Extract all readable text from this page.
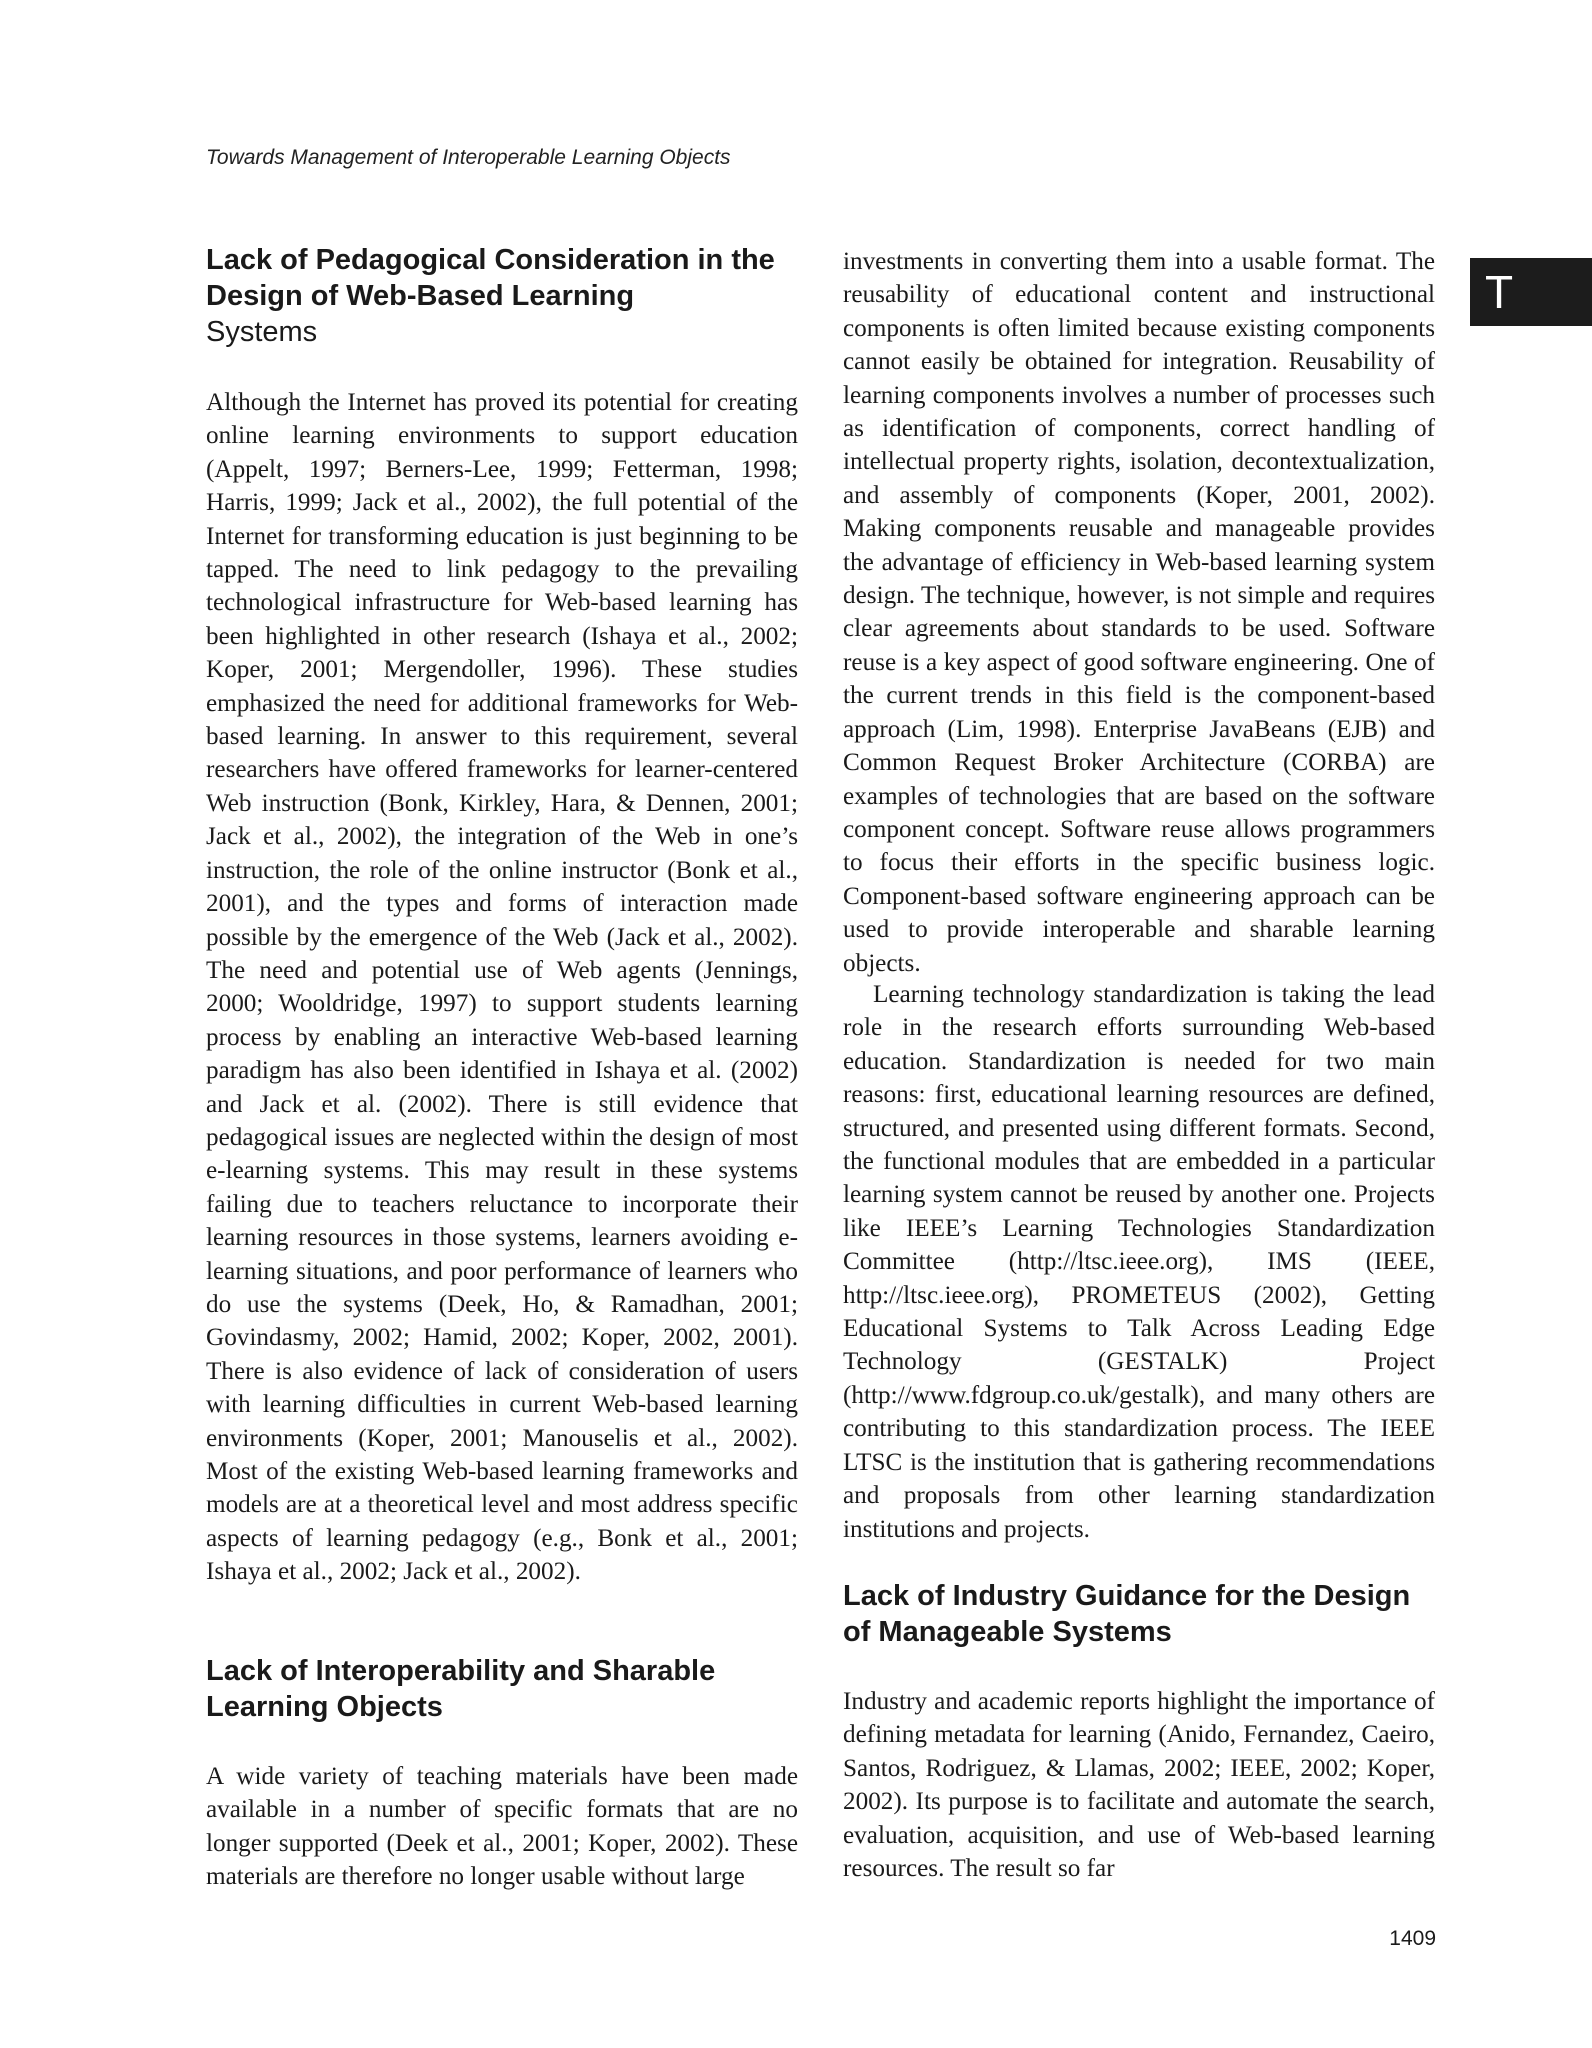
Towards Management of Interoperable Learning Objects
T
Lack of Pedagogical Consideration in the Design of Web-Based Learning
Systems

Although the Internet has proved its potential for creating online learning environments to support education (Appelt, 1997; Berners-Lee, 1999; Fetterman, 1998; Harris, 1999; Jack et al., 2002), the full potential of the Internet for transforming education is just beginning to be tapped. The need to link pedagogy to the prevailing technological infrastructure for Web-based learning has been highlighted in other research (Ishaya et al., 2002; Koper, 2001; Mergendoller, 1996). These studies emphasized the need for additional frameworks for Web-based learning. In answer to this requirement, several researchers have offered frameworks for learner-centered Web instruction (Bonk, Kirkley, Hara, & Dennen, 2001; Jack et al., 2002), the integration of the Web in one’s instruction, the role of the online instructor (Bonk et al., 2001), and the types and forms of interaction made possible by the emergence of the Web (Jack et al., 2002). The need and potential use of Web agents (Jennings, 2000; Wooldridge, 1997) to support students learning process by enabling an interactive Web-based learning paradigm has also been identified in Ishaya et al. (2002) and Jack et al. (2002). There is still evidence that pedagogical issues are neglected within the design of most e-learning systems. This may result in these systems failing due to teachers reluctance to incorporate their learning resources in those systems, learners avoiding e-learning situations, and poor performance of learners who do use the systems (Deek, Ho, & Ramadhan, 2001; Govindasmy, 2002; Hamid, 2002; Koper, 2002, 2001). There is also evidence of lack of consideration of users with learning difficulties in current Web-based learning environments (Koper, 2001; Manouselis et al., 2002). Most of the existing Web-based learning frameworks and models are at a theoretical level and most address specific aspects of learning pedagogy (e.g., Bonk et al., 2001; Ishaya et al., 2002; Jack et al., 2002).

Lack of Interoperability and Sharable Learning Objects

A wide variety of teaching materials have been made available in a number of specific formats that are no longer supported (Deek et al., 2001; Koper, 2002). These materials are therefore no longer usable without large

investments in converting them into a usable format. The reusability of educational content and instructional components is often limited because existing components cannot easily be obtained for integration. Reusability of learning components involves a number of processes such as identification of components, correct handling of intellectual property rights, isolation, decontextualization, and assembly of components (Koper, 2001, 2002). Making components reusable and manageable provides the advantage of efficiency in Web-based learning system design. The technique, however, is not simple and requires clear agreements about standards to be used. Software reuse is a key aspect of good software engineering. One of the current trends in this field is the component-based approach (Lim, 1998). Enterprise JavaBeans (EJB) and Common Request Broker Architecture (CORBA) are examples of technologies that are based on the software component concept. Software reuse allows programmers to focus their efforts in the specific business logic. Component-based software engineering approach can be used to provide interoperable and sharable learning objects.

Learning technology standardization is taking the lead role in the research efforts surrounding Web-based education. Standardization is needed for two main reasons: first, educational learning resources are defined, structured, and presented using different formats. Second, the functional modules that are embedded in a particular learning system cannot be reused by another one. Projects like IEEE’s Learning Technologies Standardization Committee (http://ltsc.ieee.org), IMS (IEEE, http://ltsc.ieee.org), PROMETEUS (2002), Getting Educational Systems to Talk Across Leading Edge Technology (GESTALK) Project (http://www.fdgroup.co.uk/gestalk), and many others are contributing to this standardization process. The IEEE LTSC is the institution that is gathering recommendations and proposals from other learning standardization institutions and projects.

Lack of Industry Guidance for the Design of Manageable Systems

Industry and academic reports highlight the importance of defining metadata for learning (Anido, Fernandez, Caeiro, Santos, Rodriguez, & Llamas, 2002; IEEE, 2002; Koper, 2002). Its purpose is to facilitate and automate the search, evaluation, acquisition, and use of Web-based learning resources. The result so far

1409
